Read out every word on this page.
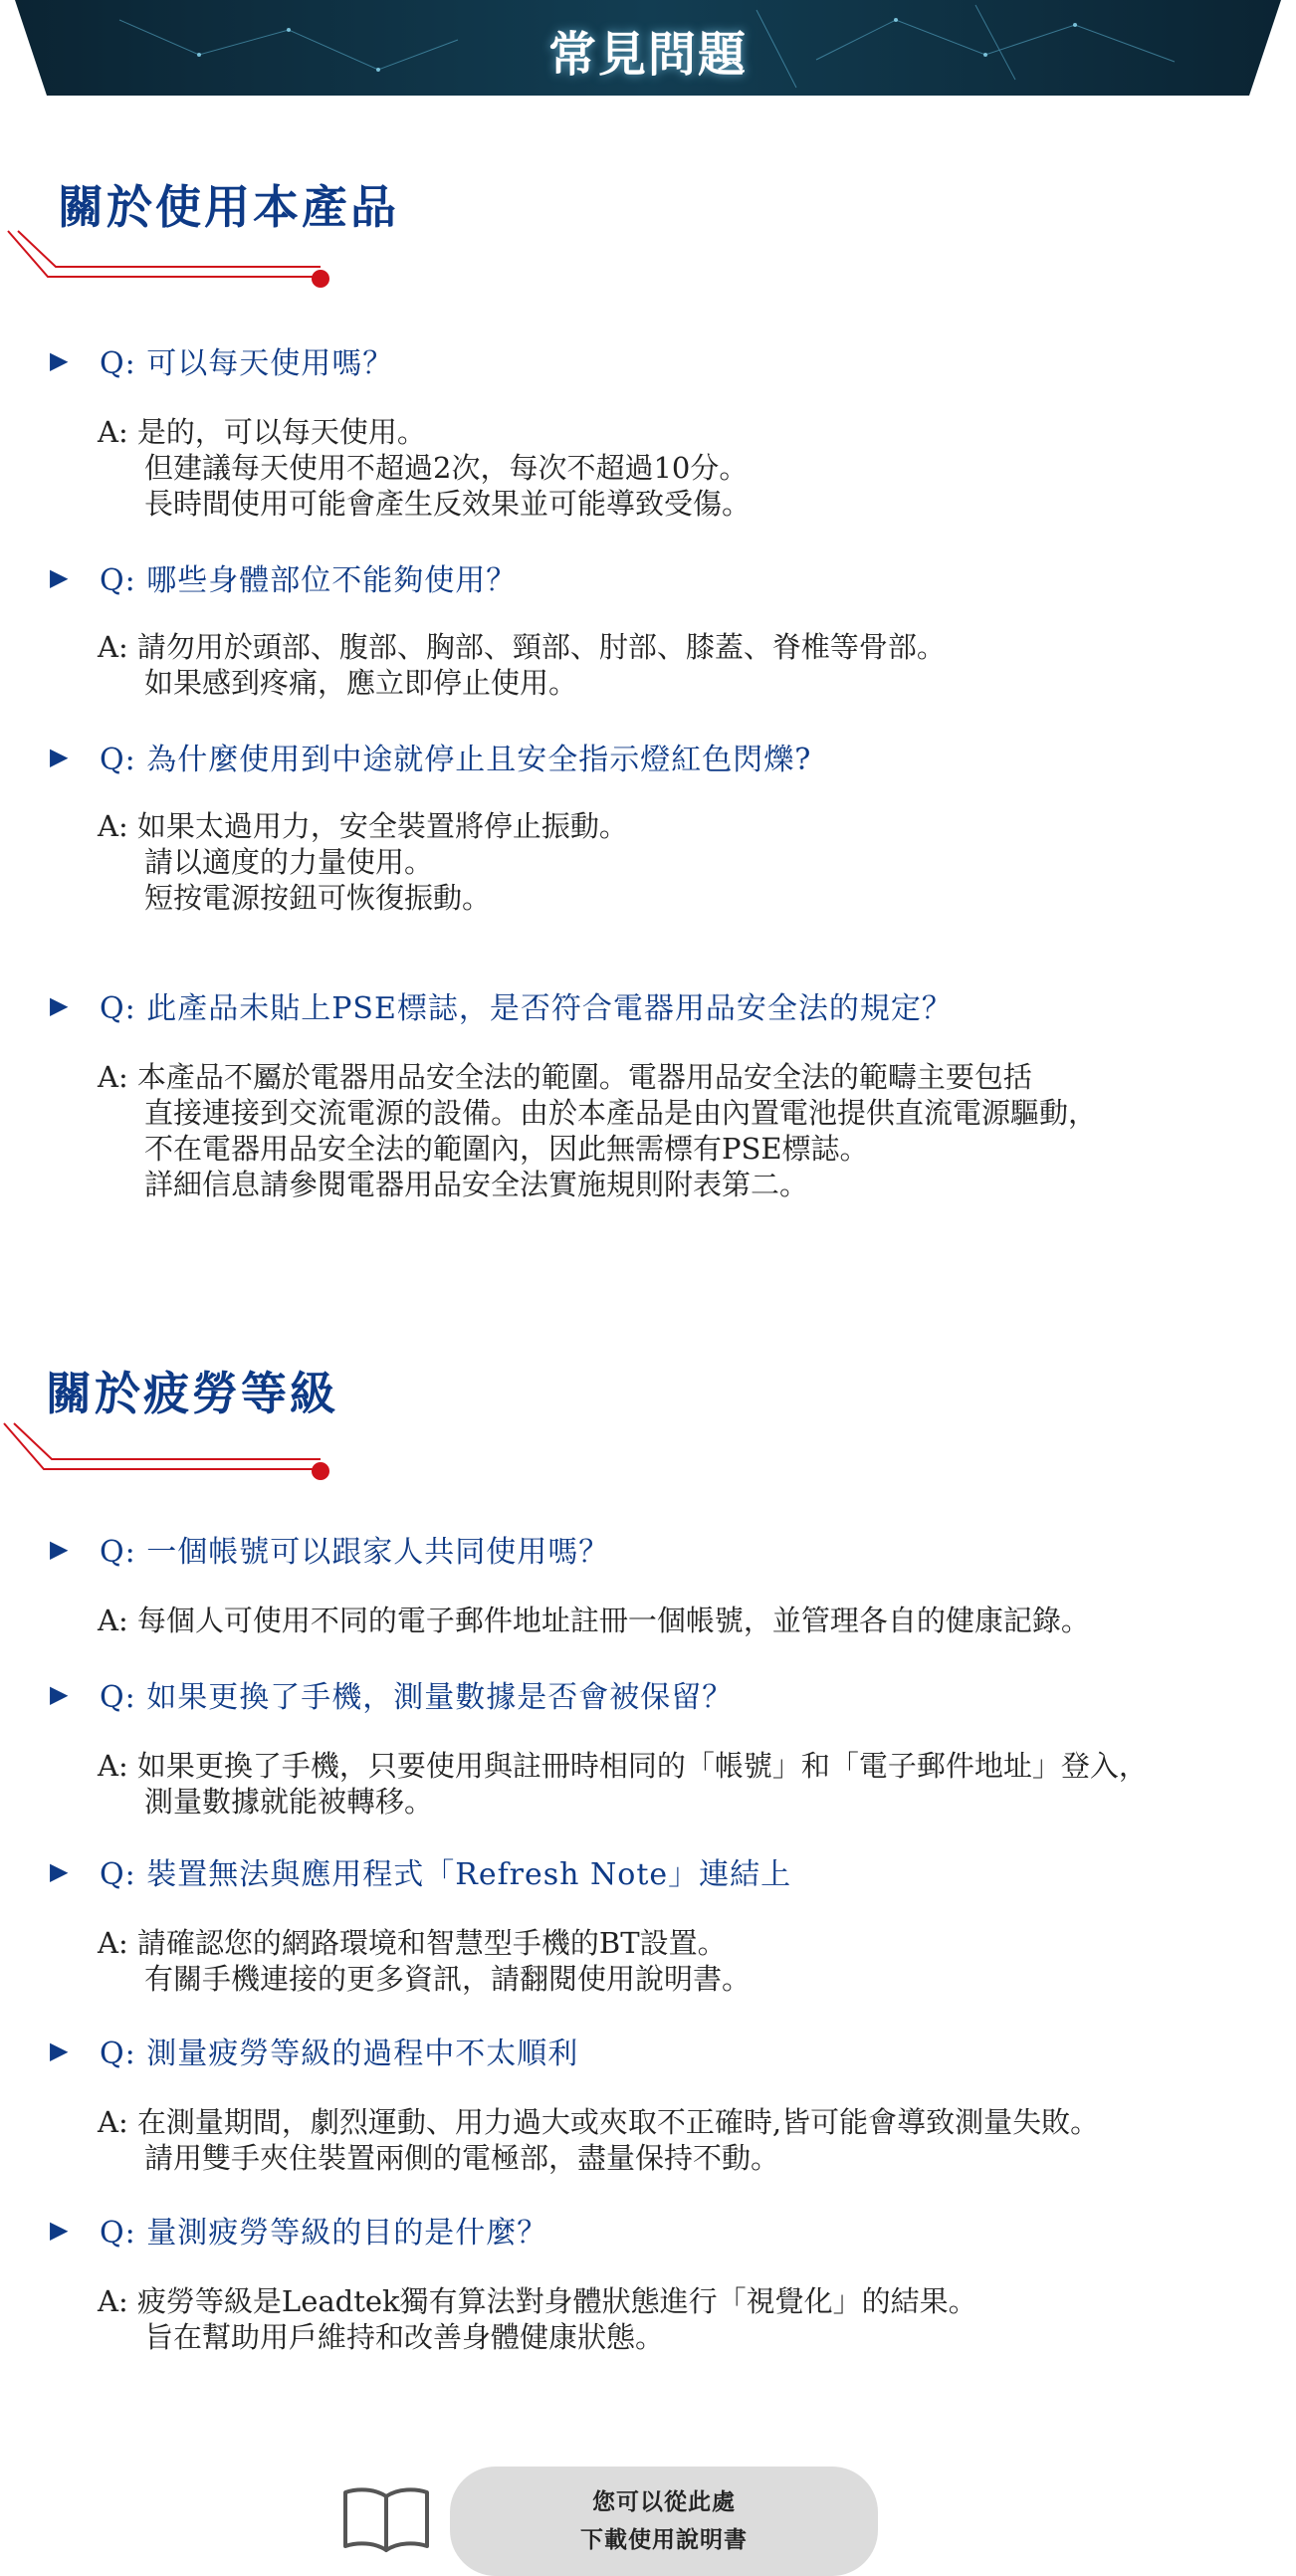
常見問題
關於使用本產品
▶	Q: 可以每天使用嗎？
A: 是的，可以每天使用。
但建議每天使用不超過2次，每次不超過10分。
長時間使用可能會產生反效果並可能導致受傷。
▶	Q: 哪些身體部位不能夠使用？
A: 請勿用於頭部、腹部、胸部、頸部、肘部、膝蓋、脊椎等骨部。
如果感到疼痛，應立即停止使用。
▶	Q: 為什麼使用到中途就停止且安全指示燈紅色閃爍?
A: 如果太過用力，安全裝置將停止振動。
請以適度的力量使用。
短按電源按鈕可恢復振動。
▶	Q: 此產品未貼上PSE標誌，是否符合電器用品安全法的規定？
A: 本產品不屬於電器用品安全法的範圍。電器用品安全法的範疇主要包括
直接連接到交流電源的設備。由於本產品是由內置電池提供直流電源驅動，
不在電器用品安全法的範圍內，因此無需標有PSE標誌。
詳細信息請參閱電器用品安全法實施規則附表第二。
關於疲勞等級
▶	Q: 一個帳號可以跟家人共同使用嗎？
A: 每個人可使用不同的電子郵件地址註冊一個帳號，並管理各自的健康記錄。
▶	Q: 如果更換了手機，測量數據是否會被保留？
A: 如果更換了手機，只要使用與註冊時相同的「帳號」和「電子郵件地址」登入，
測量數據就能被轉移。
▶	Q: 裝置無法與應用程式「Refresh Note」連結上
A: 請確認您的網路環境和智慧型手機的BT設置。
有關手機連接的更多資訊，請翻閱使用說明書。
▶	Q: 測量疲勞等級的過程中不太順利
A: 在測量期間，劇烈運動、用力過大或夾取不正確時,皆可能會導致測量失敗。
請用雙手夾住裝置兩側的電極部，盡量保持不動。
▶	Q: 量測疲勞等級的目的是什麼？
A: 疲勞等級是Leadtek獨有算法對身體狀態進行「視覺化」的結果。
旨在幫助用戶維持和改善身體健康狀態。
您可以從此處
下載使用說明書
